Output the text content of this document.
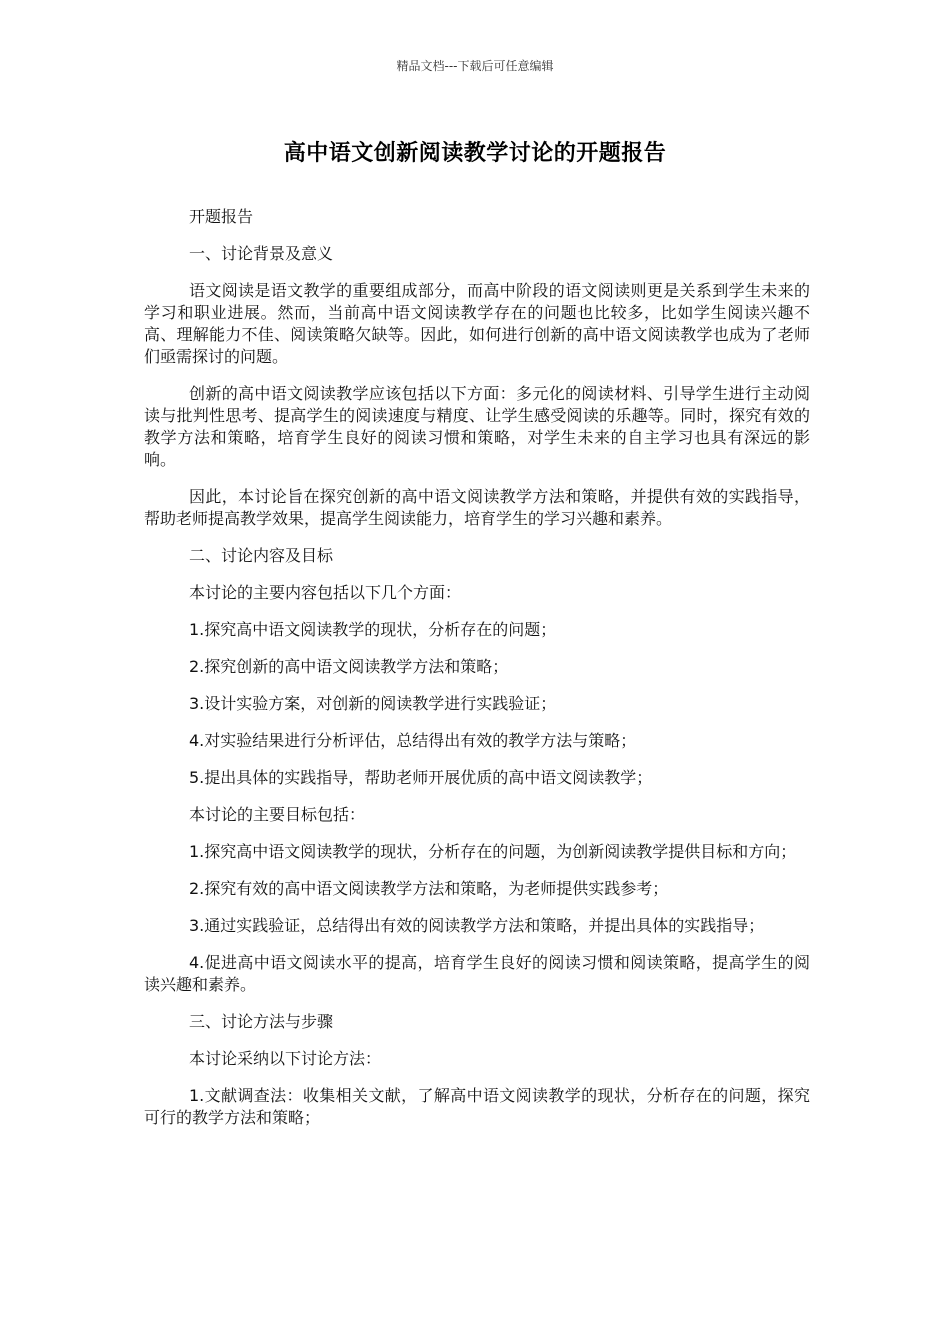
精品文档---下载后可任意编辑
高中语文创新阅读教学讨论的开题报告

开题报告

一、讨论背景及意义

语文阅读是语文教学的重要组成部分，而高中阶段的语文阅读则更是关系到学生未来的学习和职业进展。然而，当前高中语文阅读教学存在的问题也比较多，比如学生阅读兴趣不高、理解能力不佳、阅读策略欠缺等。因此，如何进行创新的高中语文阅读教学也成为了老师们亟需探讨的问题。

创新的高中语文阅读教学应该包括以下方面：多元化的阅读材料、引导学生进行主动阅读与批判性思考、提高学生的阅读速度与精度、让学生感受阅读的乐趣等。同时，探究有效的教学方法和策略，培育学生良好的阅读习惯和策略，对学生未来的自主学习也具有深远的影响。

因此，本讨论旨在探究创新的高中语文阅读教学方法和策略，并提供有效的实践指导，帮助老师提高教学效果，提高学生阅读能力，培育学生的学习兴趣和素养。

二、讨论内容及目标

本讨论的主要内容包括以下几个方面：

1.探究高中语文阅读教学的现状，分析存在的问题；

2.探究创新的高中语文阅读教学方法和策略；

3.设计实验方案，对创新的阅读教学进行实践验证；

4.对实验结果进行分析评估，总结得出有效的教学方法与策略；

5.提出具体的实践指导，帮助老师开展优质的高中语文阅读教学；

本讨论的主要目标包括：

1.探究高中语文阅读教学的现状，分析存在的问题，为创新阅读教学提供目标和方向；

2.探究有效的高中语文阅读教学方法和策略，为老师提供实践参考；

3.通过实践验证，总结得出有效的阅读教学方法和策略，并提出具体的实践指导；

4.促进高中语文阅读水平的提高，培育学生良好的阅读习惯和阅读策略，提高学生的阅读兴趣和素养。

三、讨论方法与步骤

本讨论采纳以下讨论方法：

1.文献调查法：收集相关文献，了解高中语文阅读教学的现状，分析存在的问题，探究可行的教学方法和策略；
